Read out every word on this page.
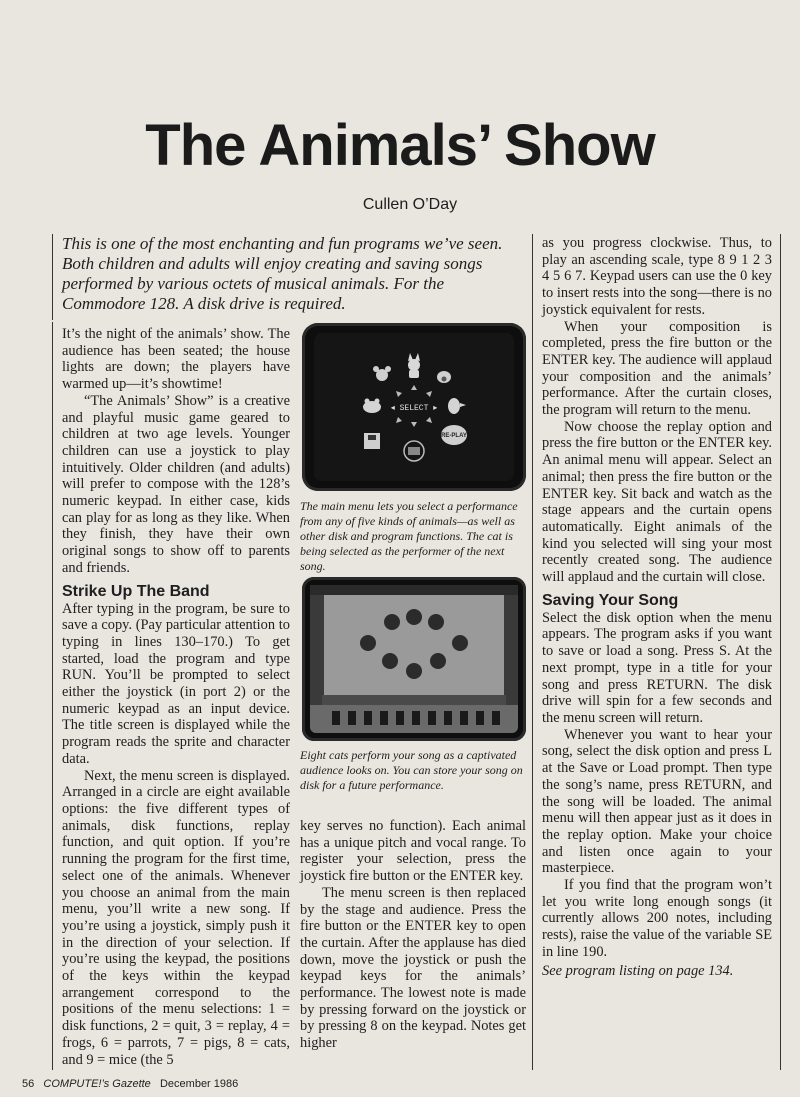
The Animals’ Show
Cullen O’Day
This is one of the most enchanting and fun programs we’ve seen. Both children and adults will enjoy creating and saving songs performed by various octets of musical animals. For the Commodore 128. A disk drive is required.

It’s the night of the animals’ show. The audience has been seated; the house lights are down; the players have warmed up—it’s showtime!

“The Animals’ Show” is a creative and playful music game geared to children at two age levels. Younger children can use a joystick to play intuitively. Older children (and adults) will prefer to compose with the 128’s numeric keypad. In either case, kids can play for as long as they like. When they finish, they have their own original songs to show off to parents and friends.

Strike Up The Band

After typing in the program, be sure to save a copy. (Pay particular attention to typing in lines 130–170.) To get started, load the program and type RUN. You’ll be prompted to select either the joystick (in port 2) or the numeric keypad as an input device. The title screen is displayed while the program reads the sprite and character data.

Next, the menu screen is displayed. Arranged in a circle are eight available options: the five different types of animals, disk functions, replay function, and quit option. If you’re running the program for the first time, select one of the animals. Whenever you choose an animal from the main menu, you’ll write a new song. If you’re using a joystick, simply push it in the direction of your selection. If you’re using the keypad, the positions of the keys within the keypad arrangement correspond to the positions of the menu selections: 1 = disk functions, 2 = quit, 3 = replay, 4 = frogs, 6 = parrots, 7 = pigs, 8 = cats, and 9 = mice (the 5

◂ SELECT ▸
RE-PLAY
The main menu lets you select a performance from any of five kinds of animals—as well as other disk and program functions. The cat is being selected as the performer of the next song.
Eight cats perform your song as a captivated audience looks on. You can store your song on disk for a future performance.

key serves no function). Each animal has a unique pitch and vocal range. To register your selection, press the joystick fire button or the ENTER key.

The menu screen is then replaced by the stage and audience. Press the fire button or the ENTER key to open the curtain. After the applause has died down, move the joystick or push the keypad keys for the animals’ performance. The lowest note is made by pressing forward on the joystick or by pressing 8 on the keypad. Notes get higher

as you progress clockwise. Thus, to play an ascending scale, type 8 9 1 2 3 4 5 6 7. Keypad users can use the 0 key to insert rests into the song—there is no joystick equivalent for rests.

When your composition is completed, press the fire button or the ENTER key. The audience will applaud your composition and the animals’ performance. After the curtain closes, the program will return to the menu.

Now choose the replay option and press the fire button or the ENTER key. An animal menu will appear. Select an animal; then press the fire button or the ENTER key. Sit back and watch as the stage appears and the curtain opens automatically. Eight animals of the kind you selected will sing your most recently created song. The audience will applaud and the curtain will close.

Saving Your Song

Select the disk option when the menu appears. The program asks if you want to save or load a song. Press S. At the next prompt, type in a title for your song and press RETURN. The disk drive will spin for a few seconds and the menu screen will return.

Whenever you want to hear your song, select the disk option and press L at the Save or Load prompt. Then type the song’s name, press RETURN, and the song will be loaded. The animal menu will then appear just as it does in the replay option. Make your choice and listen once again to your masterpiece.

If you find that the program won’t let you write long enough songs (it currently allows 200 notes, including rests), raise the value of the variable SE in line 190.

See program listing on page 134.

56 COMPUTE!’s Gazette December 1986
